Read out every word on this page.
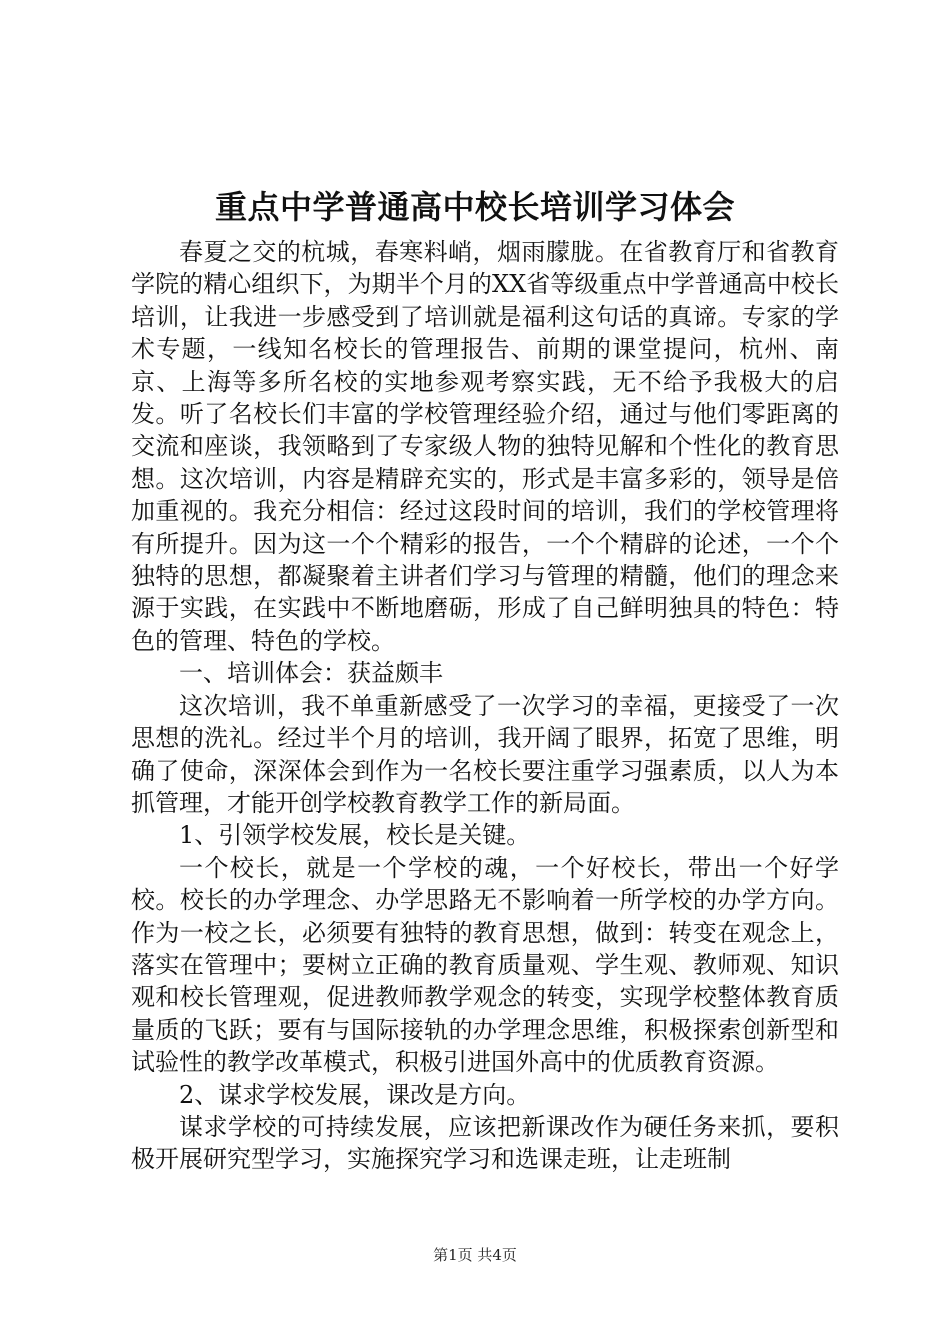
重点中学普通高中校长培训学习体会

春夏之交的杭城，春寒料峭，烟雨朦胧。在省教育厅和省教育学院的精心组织下，为期半个月的XX省等级重点中学普通高中校长培训，让我进一步感受到了培训就是福利这句话的真谛。专家的学术专题，一线知名校长的管理报告、前期的课堂提问，杭州、南京、上海等多所名校的实地参观考察实践，无不给予我极大的启发。听了名校长们丰富的学校管理经验介绍，通过与他们零距离的交流和座谈，我领略到了专家级人物的独特见解和个性化的教育思想。这次培训，内容是精辟充实的，形式是丰富多彩的，领导是倍加重视的。我充分相信：经过这段时间的培训，我们的学校管理将有所提升。因为这一个个精彩的报告，一个个精辟的论述，一个个独特的思想，都凝聚着主讲者们学习与管理的精髓，他们的理念来源于实践，在实践中不断地磨砺，形成了自己鲜明独具的特色：特色的管理、特色的学校。

一、培训体会：获益颇丰

这次培训，我不单重新感受了一次学习的幸福，更接受了一次思想的洗礼。经过半个月的培训，我开阔了眼界，拓宽了思维，明确了使命，深深体会到作为一名校长要注重学习强素质，以人为本抓管理，才能开创学校教育教学工作的新局面。

1、引领学校发展，校长是关键。

一个校长，就是一个学校的魂，一个好校长，带出一个好学校。校长的办学理念、办学思路无不影响着一所学校的办学方向。作为一校之长，必须要有独特的教育思想，做到：转变在观念上，落实在管理中；要树立正确的教育质量观、学生观、教师观、知识观和校长管理观，促进教师教学观念的转变，实现学校整体教育质量质的飞跃；要有与国际接轨的办学理念思维，积极探索创新型和试验性的教学改革模式，积极引进国外高中的优质教育资源。

2、谋求学校发展，课改是方向。

谋求学校的可持续发展，应该把新课改作为硬任务来抓，要积极开展研究型学习，实施探究学习和选课走班，让走班制

第1页 共4页
